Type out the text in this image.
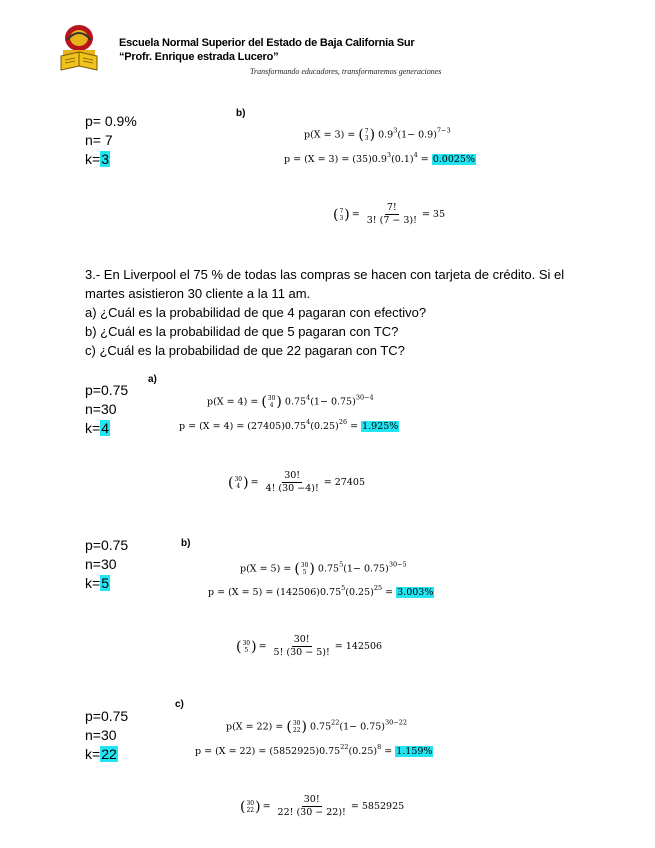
Escuela Normal Superior del Estado de Baja California Sur
“Profr. Enrique estrada Lucero”
Transformando educadores, transformaremos generaciones
p= 0.9%
n= 7
k=3
b)
p(X = 3) = ( 7
3 ) $0.9^3(1- 0.9)^{7-3}$
$p = (X = 3) = (35)0.9^3(0.1)^4 = 0.0025\%$
( 7
3 ) = $\frac{7!}{3! (7 - 3)!} = 35$
3.- En Liverpool el 75 % de todas las compras se hacen con tarjeta de crédito. Si el
martes asistieron 30 cliente a la 11 am.
a) ¿Cuál es la probabilidad de que 4 pagaran con efectivo?
b) ¿Cuál es la probabilidad de que 5 pagaran con TC?
c) ¿Cuál es la probabilidad de que 22 pagaran con TC?
p=0.75
n=30
k=4
a)
p(X = 4) = ( 30
4 ) $0.75^4(1- 0.75)^{30-4}$
$p = (X = 4) = (27405)0.75^4(0.25)^{26} = 1.925\%$
( 30
4 ) = $\frac{30!}{4! (30 -4)!} = 27405$
p=0.75
n=30
k=5
b)
p(X = 5) = ( 30
5 ) $0.75^5(1- 0.75)^{30-5}$
$p = (X = 5) = (142506)0.75^5(0.25)^{25} = 3.003\%$
( 30
5 ) = $\frac{30!}{5! (30 - 5)!} = 142506$
p=0.75
n=30
k=22
c)
p(X = 22) = ( 30
22 ) $0.75^{22}(1- 0.75)^{30-22}$
$p = (X = 22) = (5852925)0.75^{22}(0.25)^8 = 1.159\%$
( 30
22 ) = $\frac{30!}{22! (30 - 22)!} = 5852925$
